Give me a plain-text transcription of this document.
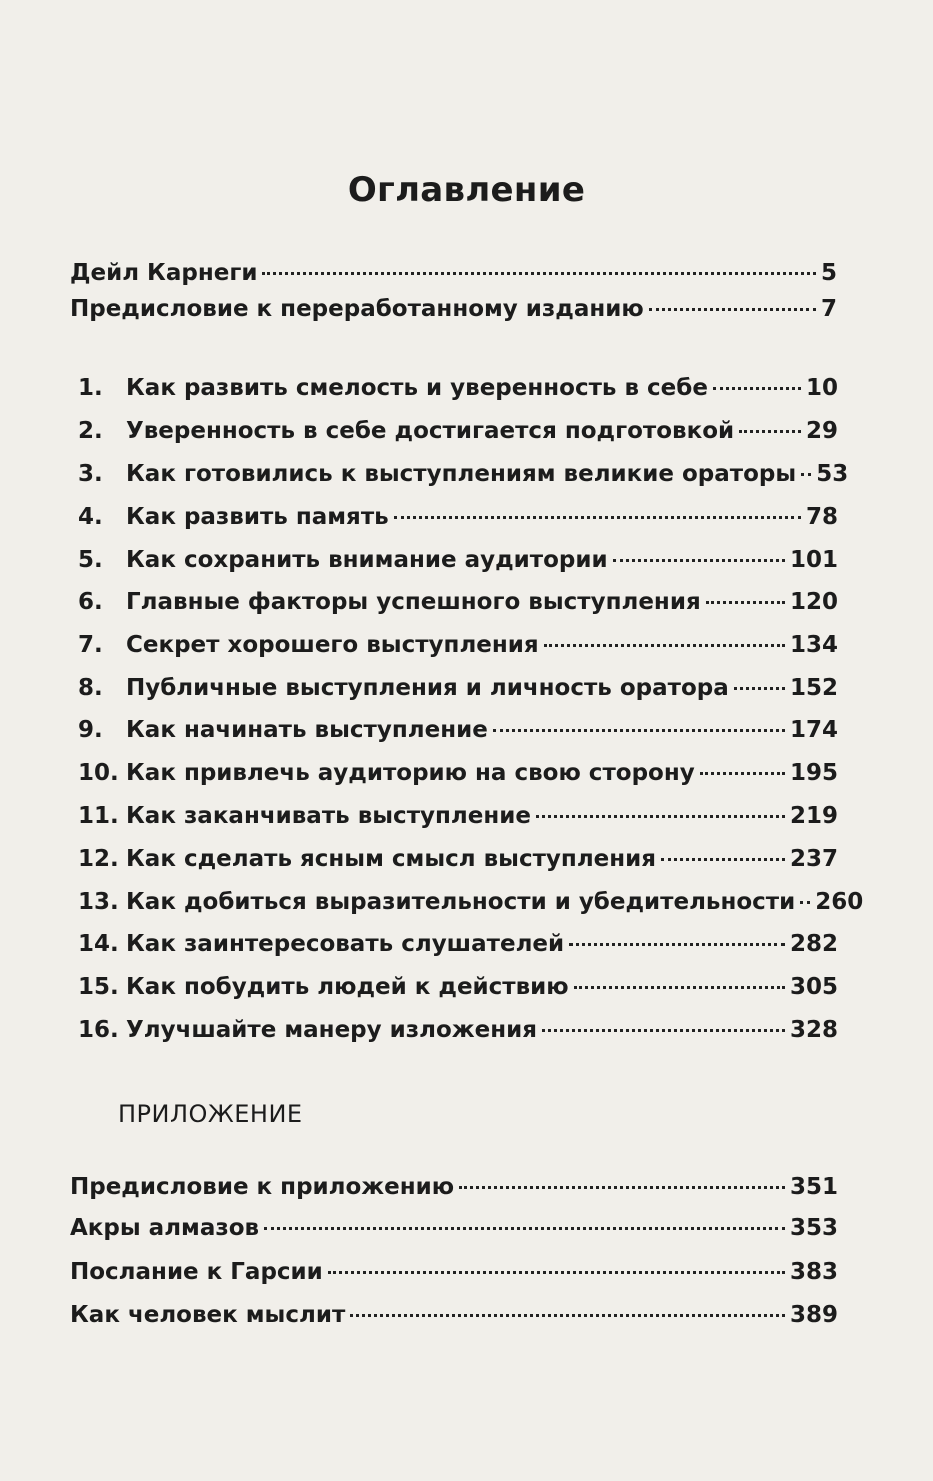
Оглавление
Дейл Карнеги	5
Предисловие к переработанному изданию	7
1.	Как развить смелость и уверенность в себе	10
2.	Уверенность в себе достигается подготовкой	29
3.	Как готовились к выступлениям великие ораторы 53
4.	Как развить память	78
5.	Как сохранить внимание аудитории	101
6.	Главные факторы успешного выступления	120
7.	Секрет хорошего выступления	134
8.	Публичные выступления и личность оратора	152
9.	Как начинать выступление	174
10. Как привлечь аудиторию на свою сторону	195
11. Как заканчивать выступление	219
12. Как сделать ясным смысл выступления	237
13. Как добиться выразительности и убедительности 260
14. Как заинтересовать слушателей	282
15. Как побудить людей к действию	305
16. Улучшайте манеру изложения	328
ПРИЛОЖЕНИЕ
Предисловие к приложению	351
Акры алмазов	353
Послание к Гарсии	383
Как человек мыслит	389
